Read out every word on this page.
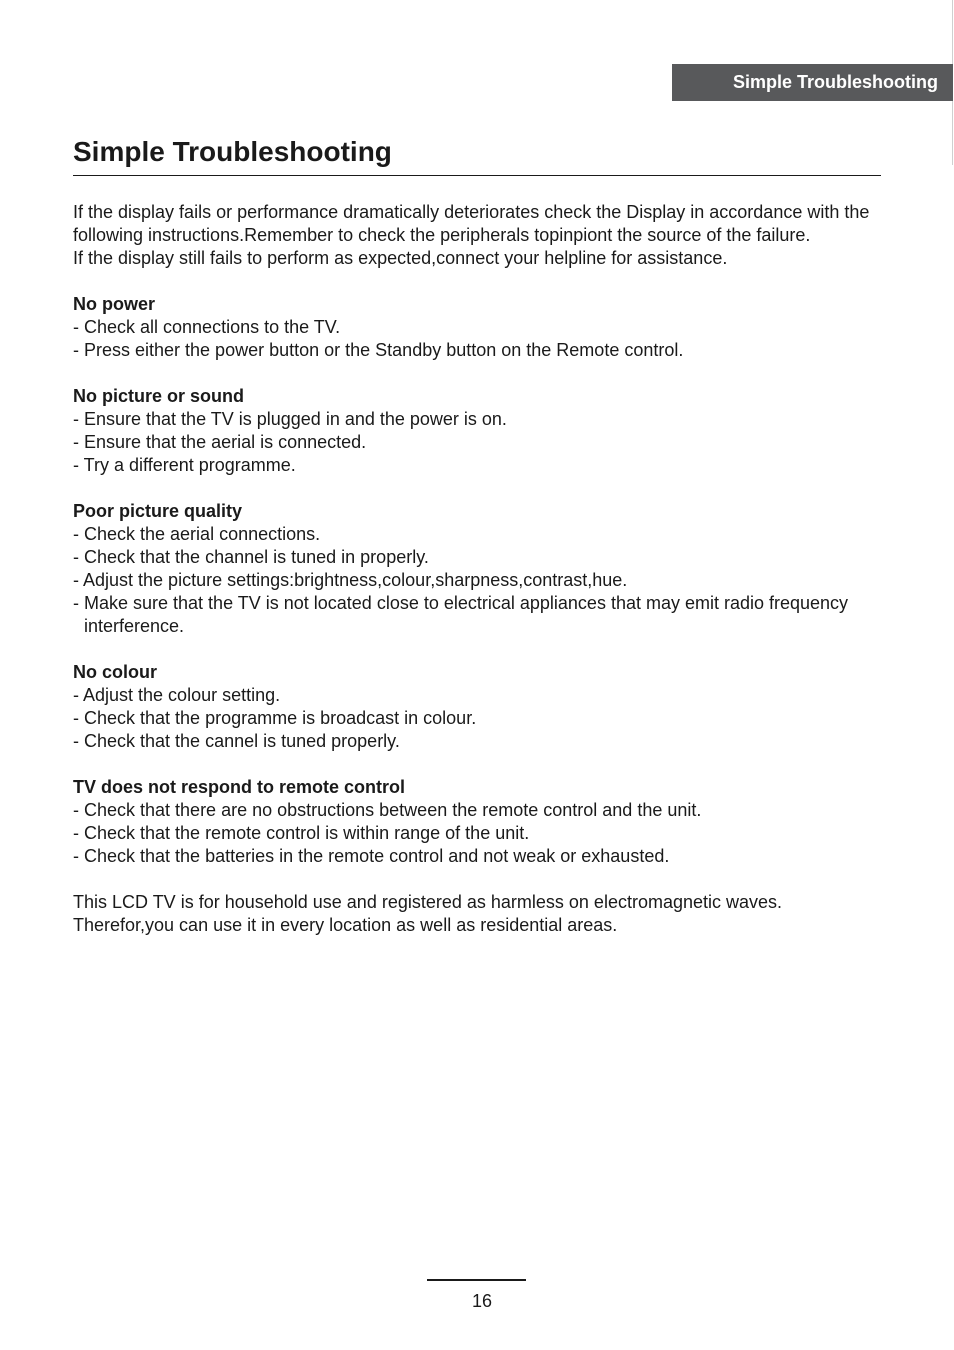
Simple Troubleshooting
Simple Troubleshooting

If the display fails or performance dramatically deteriorates check the Display in accordance with the following instructions.Remember to check the peripherals topinpiont the source of the failure.

If the display still fails to perform as expected,connect your helpline for assistance.

No power
- Check all connections to the TV.
- Press either the power button or the Standby button on the Remote control.
No picture or sound
- Ensure that the TV is plugged in and the power is on.
- Ensure that the aerial is connected.
- Try a different programme.
Poor picture quality
- Check the aerial connections.
- Check that the channel is tuned in properly.
- Adjust the picture settings:brightness,colour,sharpness,contrast,hue.
- Make sure that the TV is not located close to electrical appliances that may emit radio frequency interference.
No colour
- Adjust the colour setting.
- Check that the programme is broadcast in colour.
- Check that the cannel is tuned properly.
TV does not respond to remote control
- Check that there are no obstructions between the remote control and the unit.
- Check that the remote control is within range of the unit.
- Check that the batteries in the remote control and not weak or exhausted.

This LCD TV is for household use and registered as harmless on electromagnetic waves.

Therefor,you can use it in every location as well as residential areas.

16
